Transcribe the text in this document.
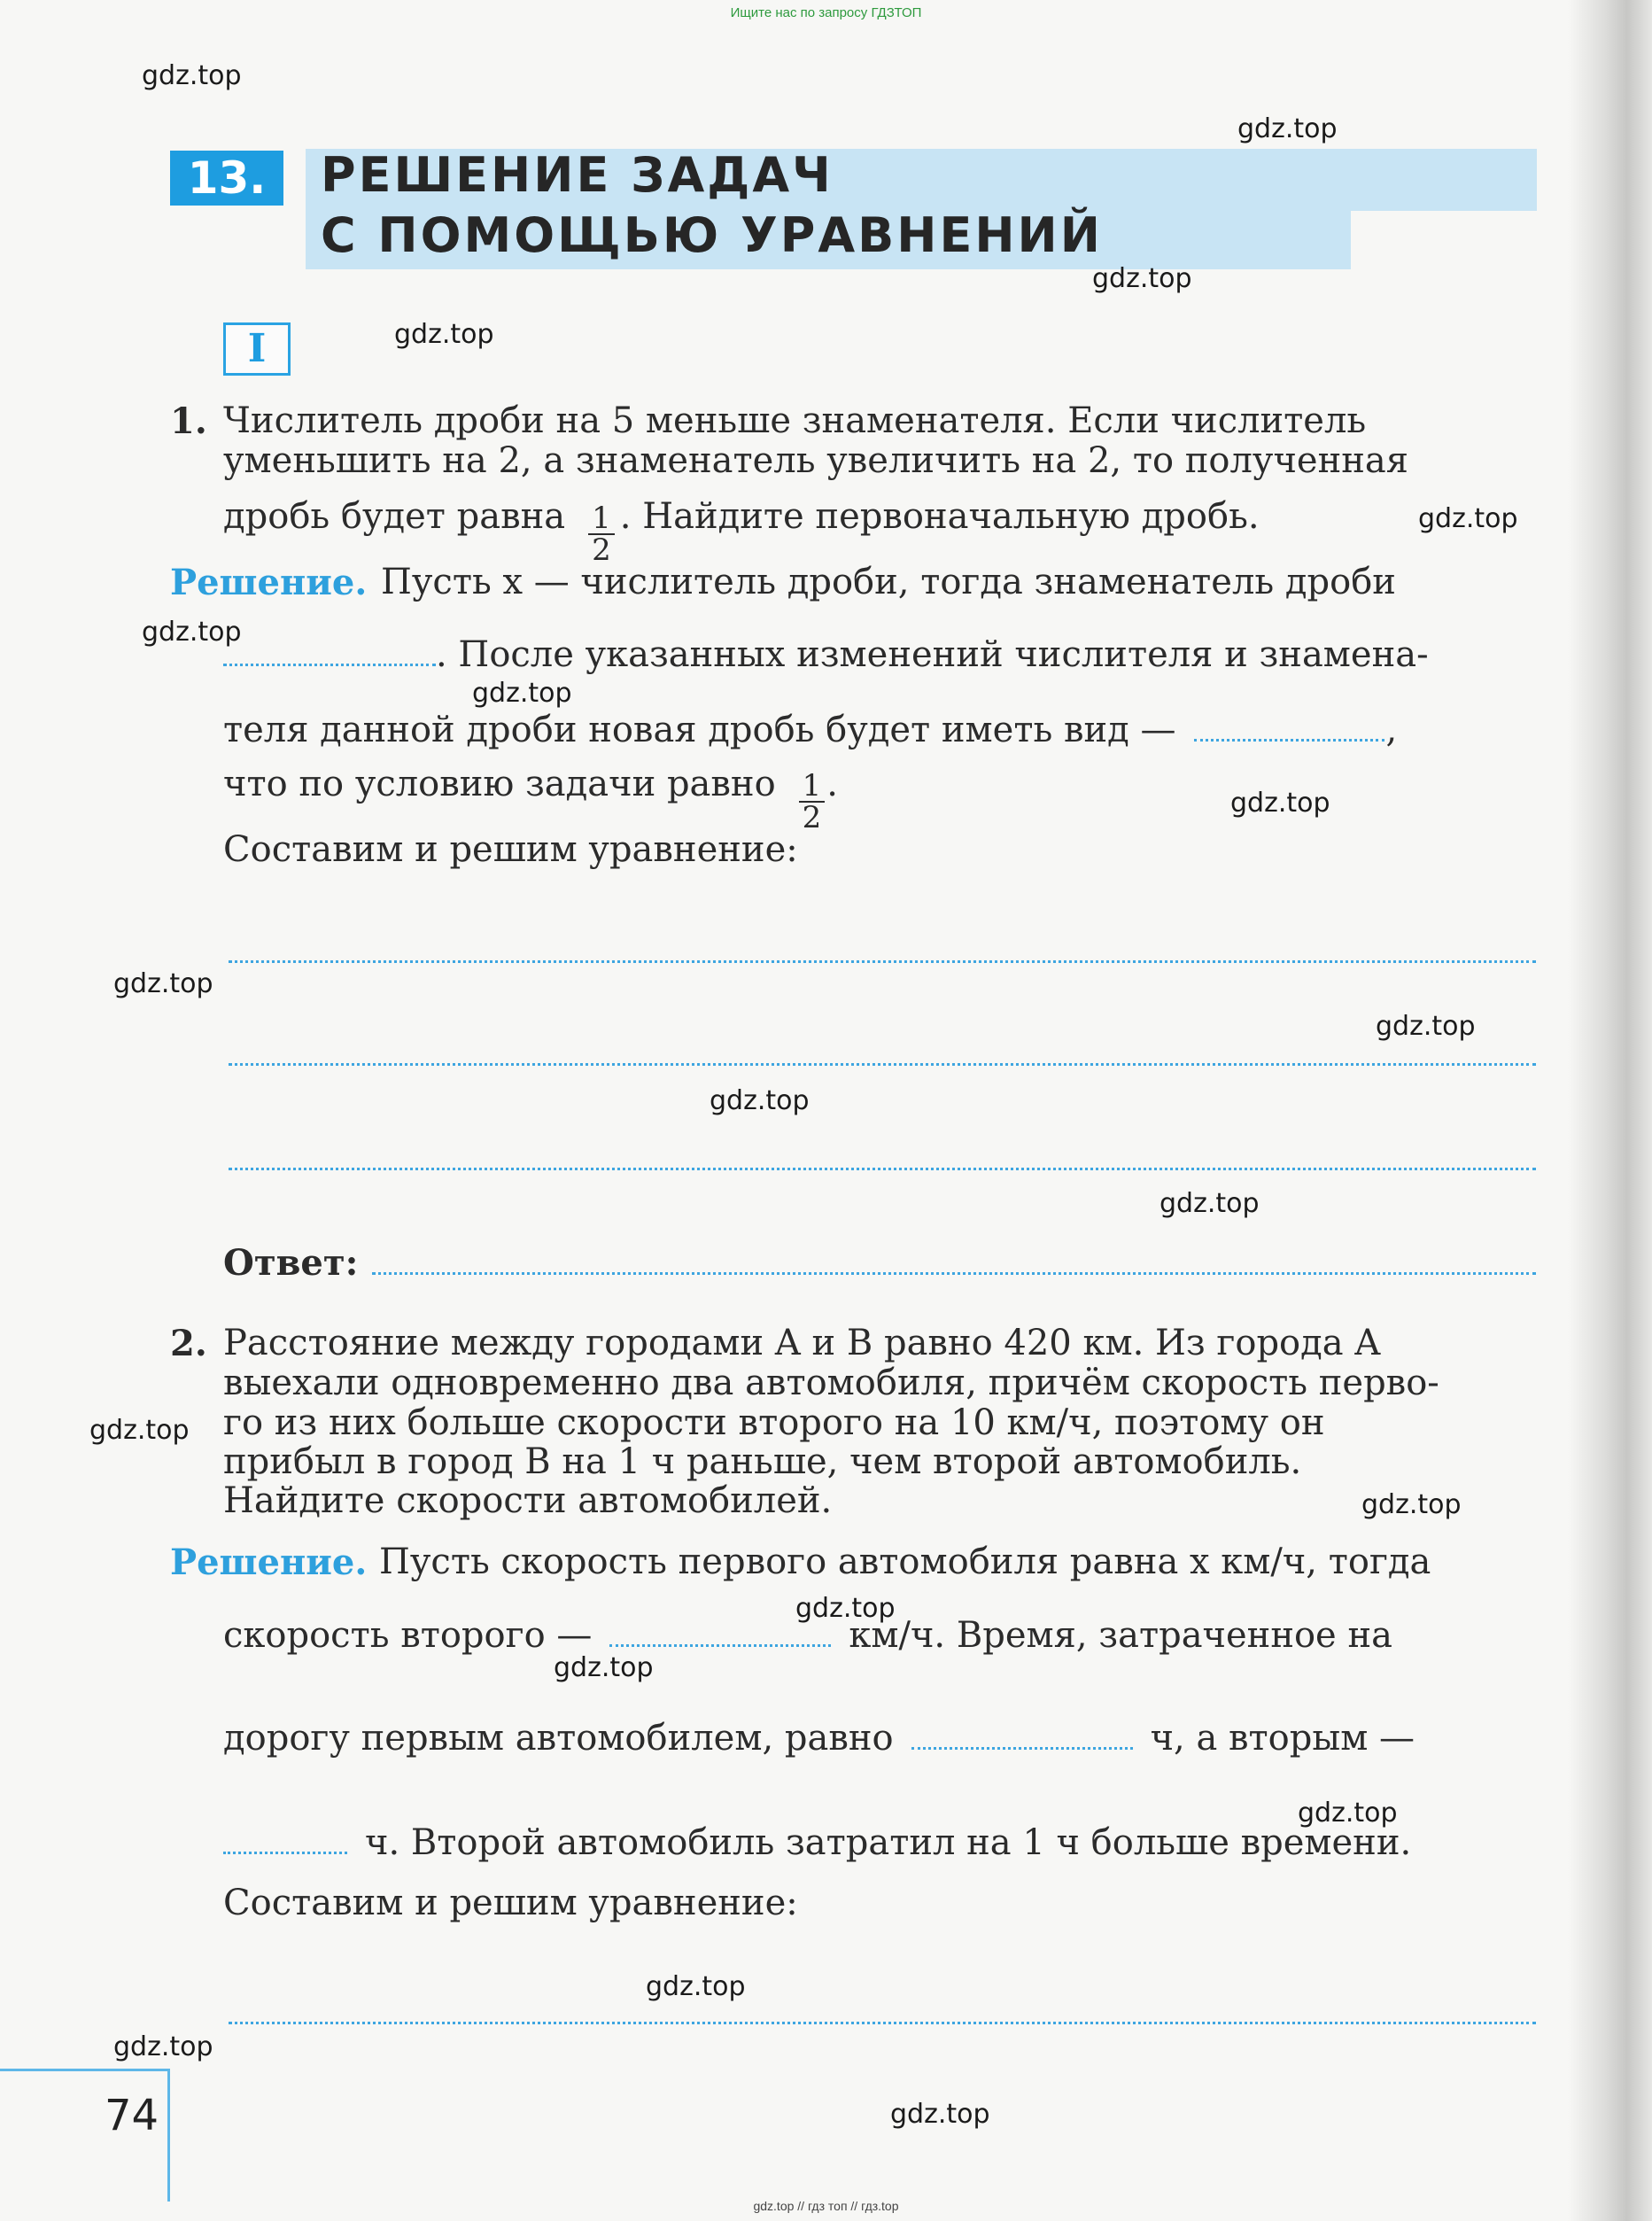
Ищите нас по запросу ГДЗТОП
13.	РЕШЕНИЕ ЗАДАЧ
С ПОМОЩЬЮ УРАВНЕНИЙ
I
1. Числитель дроби на 5 меньше знаменателя. Если числитель
уменьшить на 2, а знаменатель увеличить на 2, то полученная
дробь будет равна $\frac{1}{2}$ . Найдите первоначальную дробь.
Решение. Пусть x — числитель дроби, тогда знаменатель дроби
. После указанных изменений числителя и знамена-
теля данной дроби новая дробь будет иметь вид —	,
что по условию задачи равно $\frac{1}{2}$ .
Составим и решим уравнение:
Ответ:
2. Расстояние между городами A и B равно 420 км. Из города A
выехали одновременно два автомобиля, причём скорость перво-
го из них больше скорости второго на 10 км/ч, поэтому он
прибыл в город B на 1 ч раньше, чем второй автомобиль.
Найдите скорости автомобилей.
Решение. Пусть скорость первого автомобиля равна x км/ч, тогда
скорость второго —	км/ч. Время, затраченное на
дорогу первым автомобилем, равно	ч, а вторым —
ч. Второй автомобиль затратил на 1 ч больше времени.
Составим и решим уравнение:
74
gdz.top
gdz.top
gdz.top
gdz.top
gdz.top
gdz.top
gdz.top
gdz.top
gdz.top
gdz.top
gdz.top
gdz.top
gdz.top
gdz.top
gdz.top
gdz.top
gdz.top
gdz.top
gdz.top
gdz.top
gdz.top // гдз топ // гдз.top
